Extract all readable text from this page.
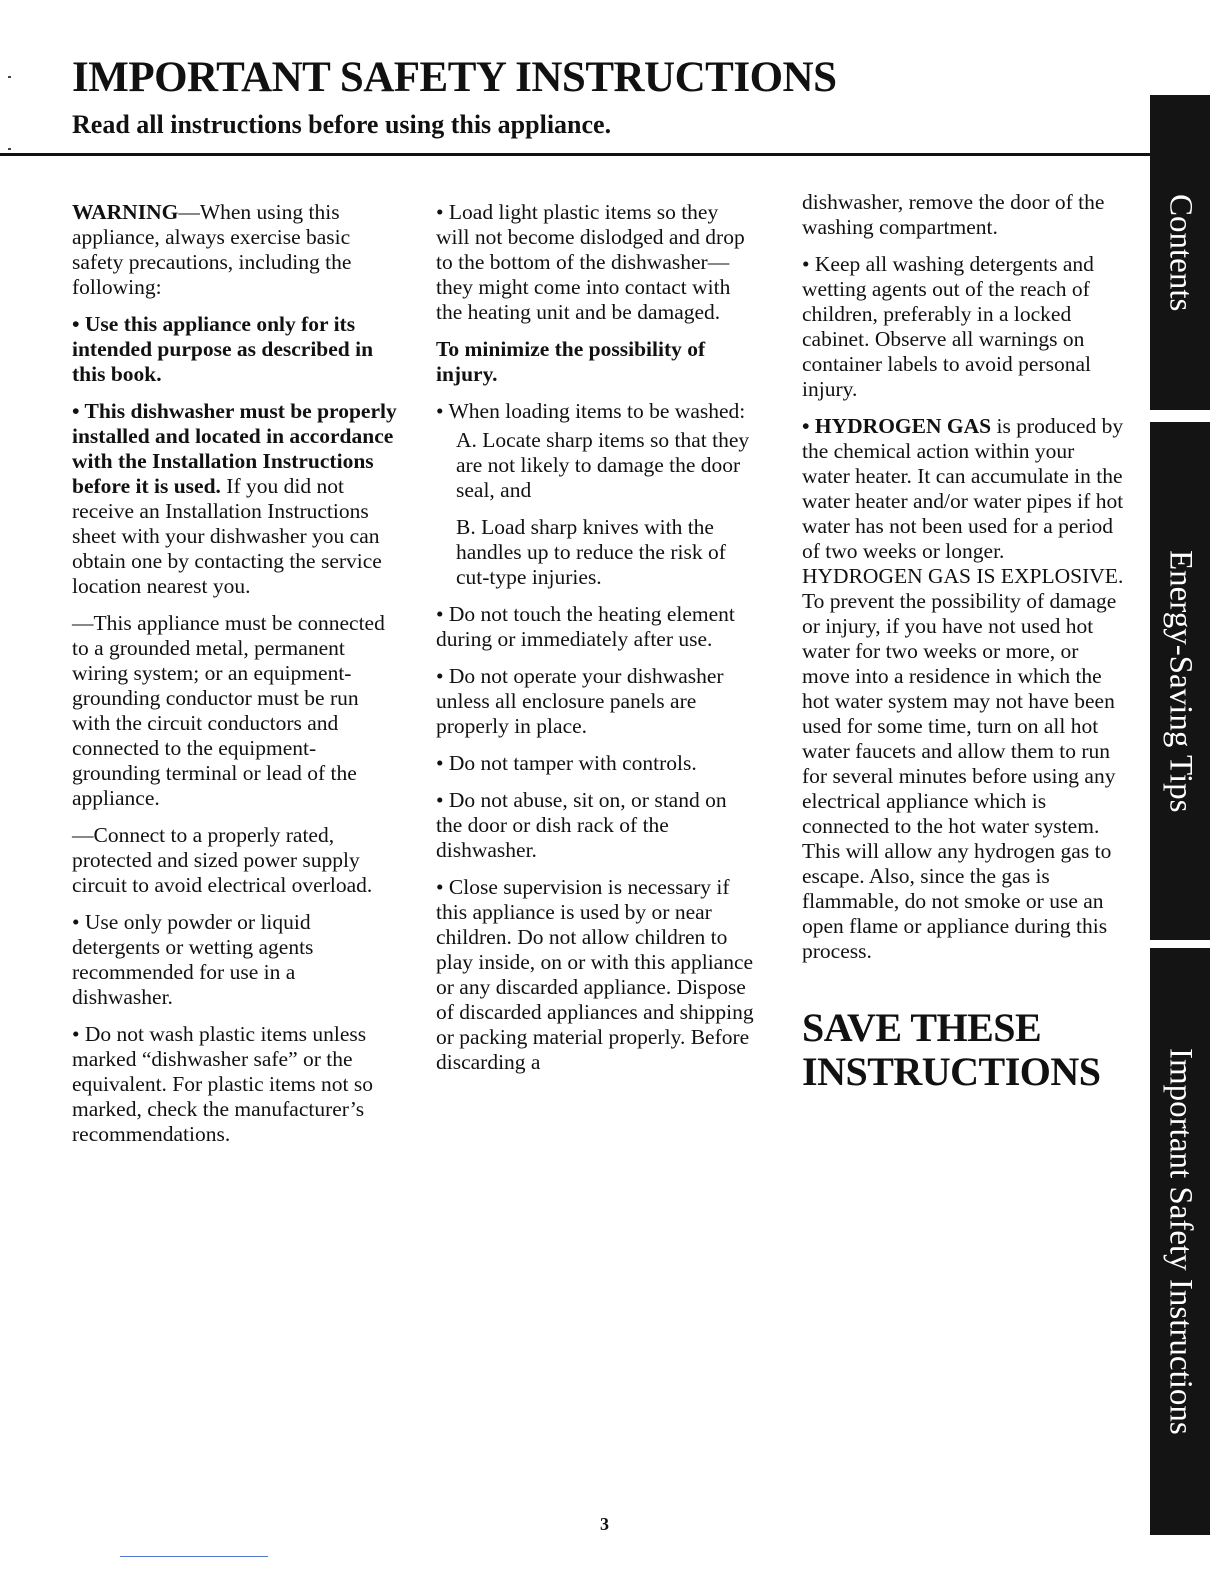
IMPORTANT SAFETY INSTRUCTIONS
Read all instructions before using this appliance.

WARNING—When using this appliance, always exercise basic safety precautions, including the following:

• Use this appliance only for its intended purpose as described in this book.

• This dishwasher must be properly installed and located in accordance with the Installation Instructions before it is used. If you did not receive an Installation Instructions sheet with your dishwasher you can obtain one by contacting the service location nearest you.

—This appliance must be connected to a grounded metal, permanent wiring system; or an equipment-grounding conductor must be run with the circuit conductors and connected to the equipment-grounding terminal or lead of the appliance.

—Connect to a properly rated, protected and sized power supply circuit to avoid electrical overload.

• Use only powder or liquid detergents or wetting agents recommended for use in a dishwasher.

• Do not wash plastic items unless marked “dishwasher safe” or the equivalent. For plastic items not so marked, check the manufacturer’s recommendations.

• Load light plastic items so they will not become dislodged and drop to the bottom of the dishwasher—they might come into contact with the heating unit and be damaged.

To minimize the possibility of injury.

• When loading items to be washed:

A. Locate sharp items so that they are not likely to damage the door seal, and

B. Load sharp knives with the handles up to reduce the risk of cut-type injuries.

• Do not touch the heating element during or immediately after use.

• Do not operate your dishwasher unless all enclosure panels are properly in place.

• Do not tamper with controls.

• Do not abuse, sit on, or stand on the door or dish rack of the dishwasher.

• Close supervision is necessary if this appliance is used by or near children. Do not allow children to play inside, on or with this appliance or any discarded appliance. Dispose of discarded appliances and shipping or packing material properly. Before discarding a

dishwasher, remove the door of the washing compartment.

• Keep all washing detergents and wetting agents out of the reach of children, preferably in a locked cabinet. Observe all warnings on container labels to avoid personal injury.

• HYDROGEN GAS is produced by the chemical action within your water heater. It can accumulate in the water heater and/or water pipes if hot water has not been used for a period of two weeks or longer. HYDROGEN GAS IS EXPLOSIVE. To prevent the possibility of damage or injury, if you have not used hot water for two weeks or more, or move into a residence in which the hot water system may not have been used for some time, turn on all hot water faucets and allow them to run for several minutes before using any electrical appliance which is connected to the hot water system. This will allow any hydrogen gas to escape. Also, since the gas is flammable, do not smoke or use an open flame or appliance during this process.

SAVE THESE INSTRUCTIONS

Contents
Energy-Saving Tips
Important Safety Instructions
3
